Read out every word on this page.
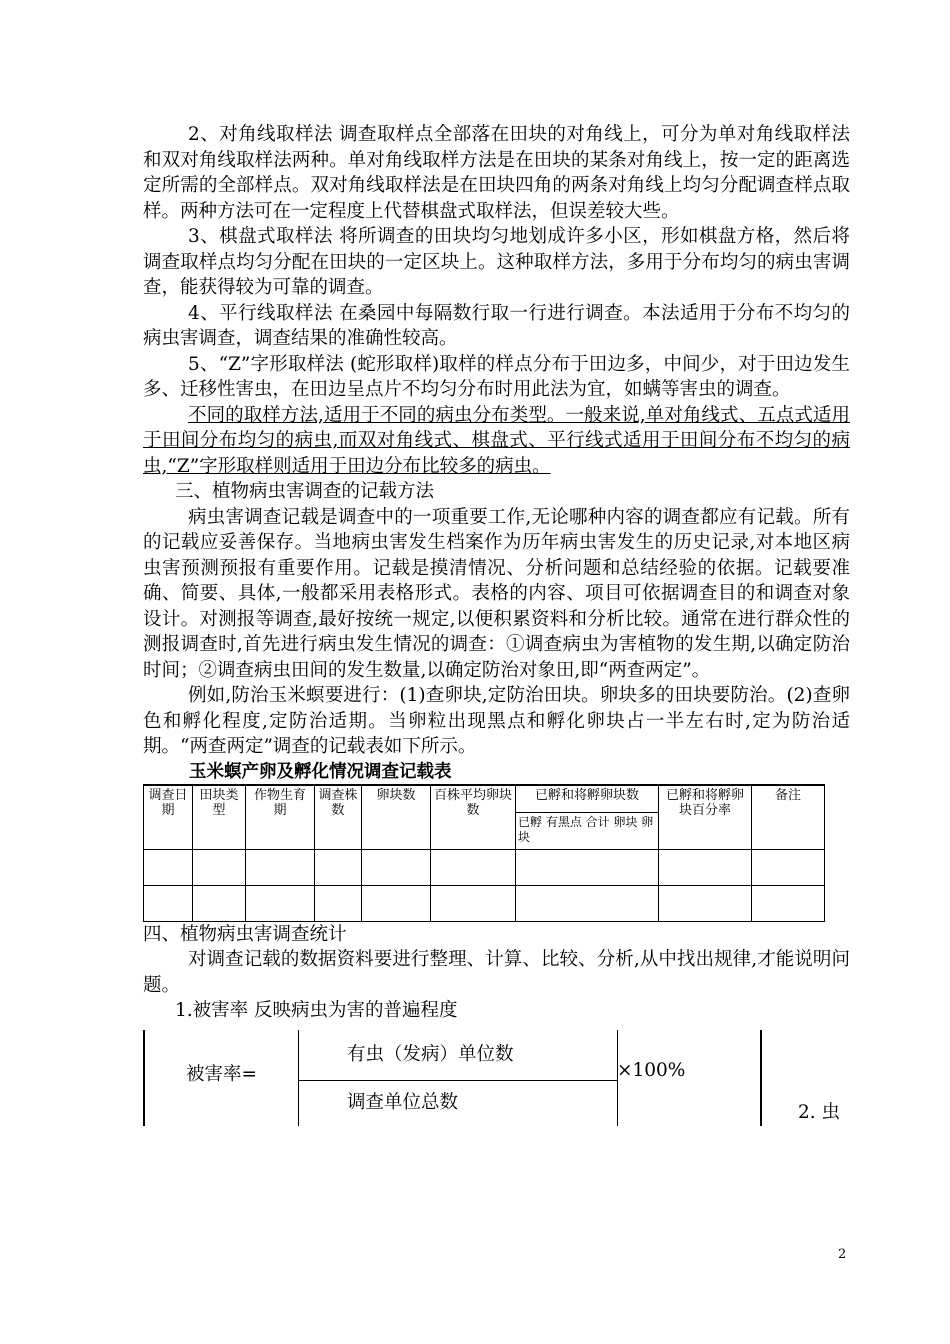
2、对角线取样法 调查取样点全部落在田块的对角线上，可分为单对角线取样法和双对角线取样法两种。单对角线取样方法是在田块的某条对角线上，按一定的距离选定所需的全部样点。双对角线取样法是在田块四角的两条对角线上均匀分配调查样点取样。两种方法可在一定程度上代替棋盘式取样法，但误差较大些。

3、棋盘式取样法 将所调查的田块均匀地划成许多小区，形如棋盘方格，然后将调查取样点均匀分配在田块的一定区块上。这种取样方法，多用于分布均匀的病虫害调查，能获得较为可靠的调查。

4、平行线取样法 在桑园中每隔数行取一行进行调查。本法适用于分布不均匀的病虫害调查，调查结果的准确性较高。

5、“Z”字形取样法 (蛇形取样)取样的样点分布于田边多，中间少，对于田边发生多、迁移性害虫，在田边呈点片不均匀分布时用此法为宜，如螨等害虫的调查。

不同的取样方法,适用于不同的病虫分布类型。一般来说,单对角线式、五点式适用于田间分布均匀的病虫,而双对角线式、棋盘式、平行线式适用于田间分布不均匀的病虫,“Z”字形取样则适用于田边分布比较多的病虫。

三、植物病虫害调查的记载方法

病虫害调查记载是调查中的一项重要工作,无论哪种内容的调查都应有记载。所有的记载应妥善保存。当地病虫害发生档案作为历年病虫害发生的历史记录,对本地区病虫害预测预报有重要作用。记载是摸清情况、分析问题和总结经验的依据。记载要准确、简要、具体,一般都采用表格形式。表格的内容、项目可依据调查目的和调查对象设计。对测报等调查,最好按统一规定,以便积累资料和分析比较。通常在进行群众性的测报调查时,首先进行病虫发生情况的调查：①调查病虫为害植物的发生期,以确定防治时间；②调查病虫田间的发生数量,以确定防治对象田,即“两查两定”。

例如,防治玉米螟要进行：(1)查卵块,定防治田块。卵块多的田块要防治。(2)查卵色和孵化程度,定防治适期。当卵粒出现黑点和孵化卵块占一半左右时,定为防治适期。“两查两定”调查的记载表如下所示。

玉米螟产卵及孵化情况调查记载表
调查日期	田块类型	作物生育期	调查株数	卵块数	百株平均卵块数	已孵和将孵卵块数	已孵和将孵卵块百分率	备注
						已孵 有黑点 合计 卵块 卵块		

四、植物病虫害调查统计

对调查记载的数据资料要进行整理、计算、比较、分析,从中找出规律,才能说明问题。

1.被害率 反映病虫为害的普遍程度

被害率=
有虫（发病）单位数
调查单位总数
×100%
2. 虫
2
